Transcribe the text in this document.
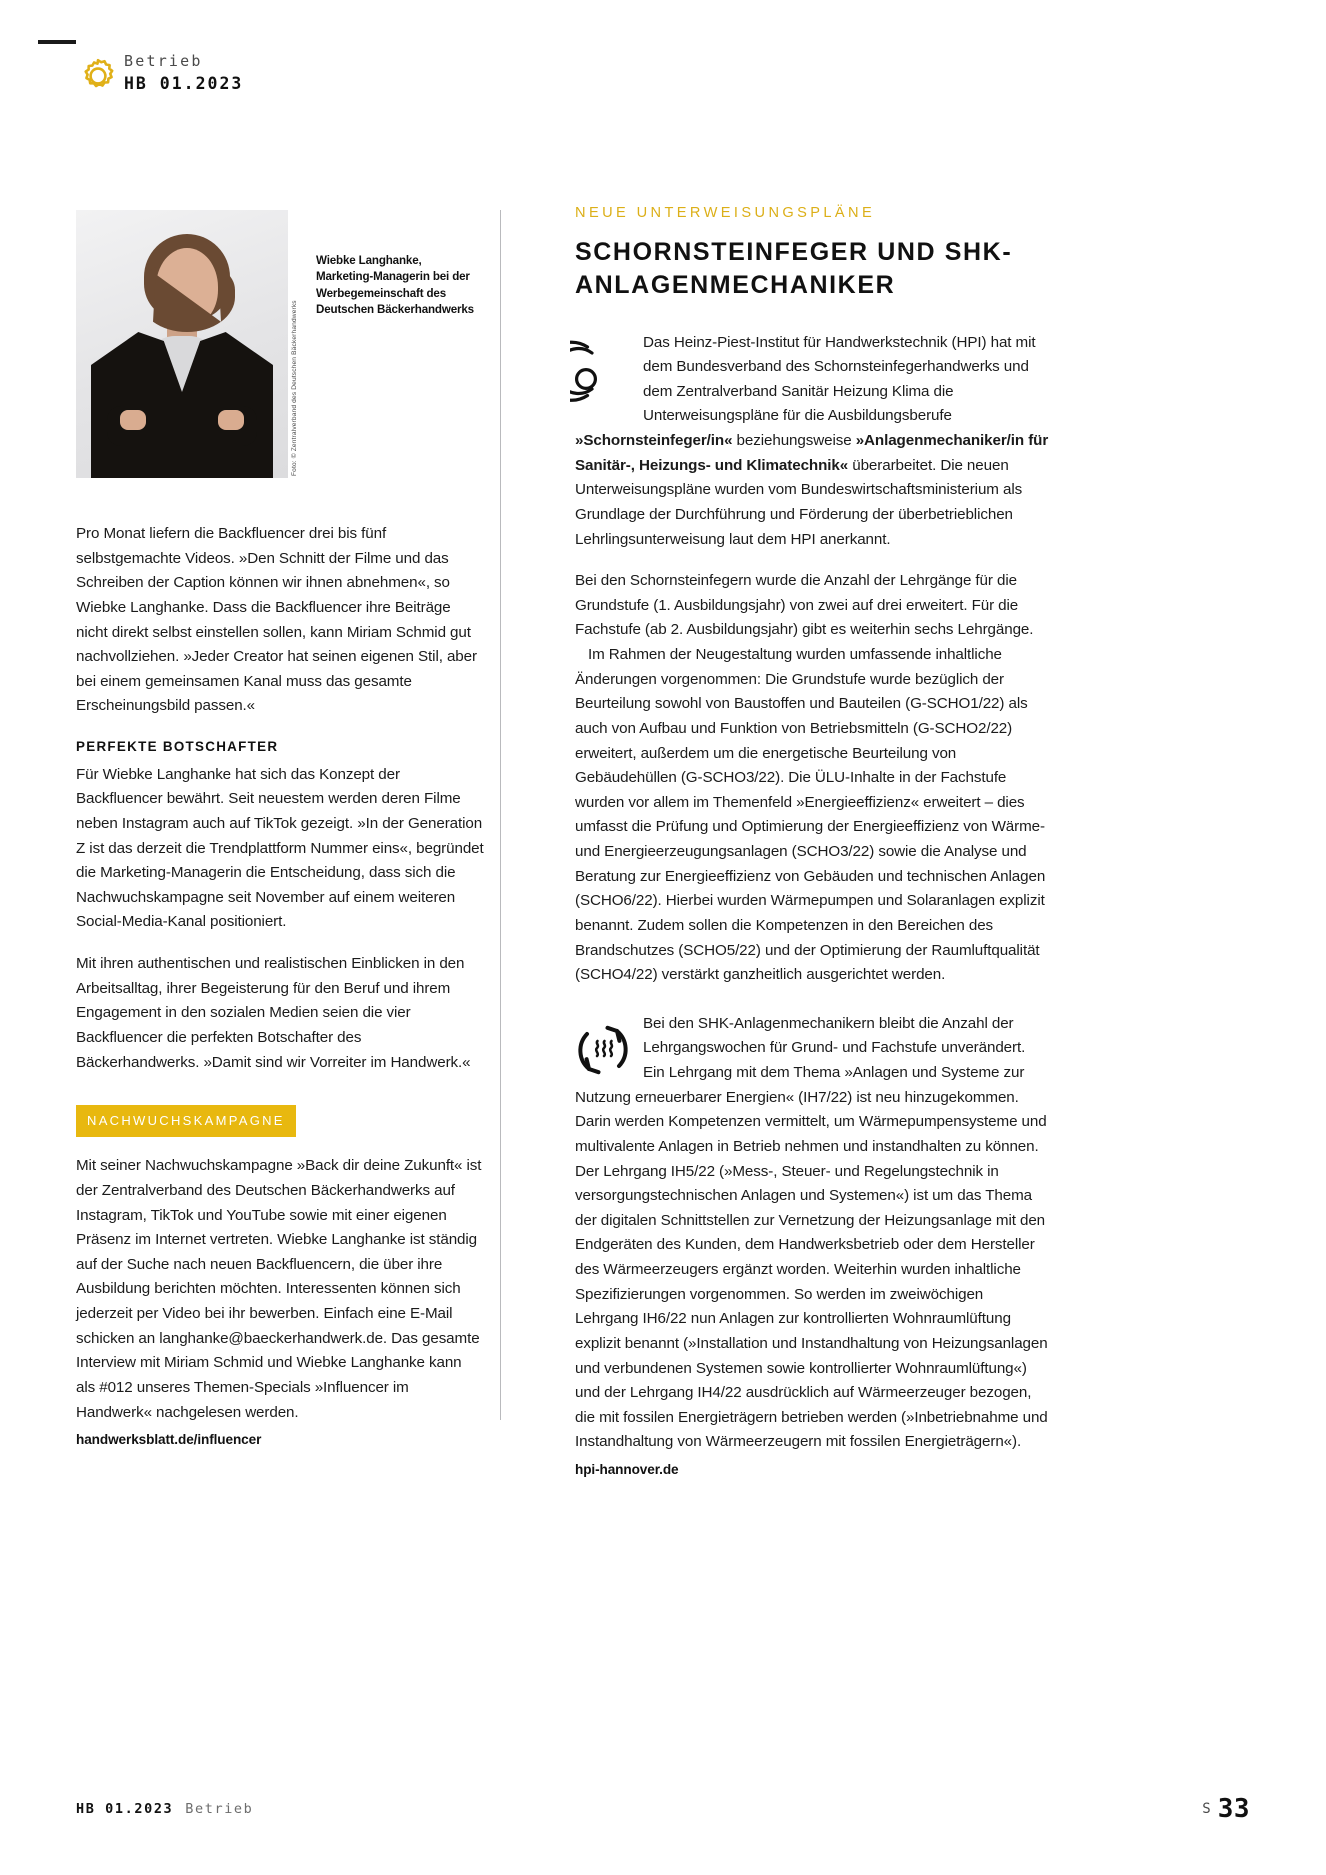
Betrieb
HB 01.2023
Foto: © Zentralverband des Deutschen Bäckerhandwerks
Wiebke Langhanke, Marketing-Managerin bei der Werbegemeinschaft des Deutschen Bäckerhandwerks

Pro Monat liefern die Backfluencer drei bis fünf selbstgemachte Videos. »Den Schnitt der Filme und das Schreiben der Caption können wir ihnen abnehmen«, so Wiebke Langhanke. Dass die Backfluencer ihre Beiträge nicht direkt selbst einstellen sollen, kann Miriam Schmid gut nachvollziehen. »Jeder Creator hat seinen eigenen Stil, aber bei einem gemeinsamen Kanal muss das gesamte Erscheinungsbild passen.«

PERFEKTE BOTSCHAFTER

Für Wiebke Langhanke hat sich das Konzept der Backfluencer bewährt. Seit neuestem werden deren Filme neben Instagram auch auf TikTok gezeigt. »In der Generation Z ist das derzeit die Trendplattform Nummer eins«, begründet die Marketing-Managerin die Entscheidung, dass sich die Nachwuchskampagne seit November auf einem weiteren Social-Media-Kanal positioniert.

Mit ihren authentischen und realistischen Einblicken in den Arbeitsalltag, ihrer Begeisterung für den Beruf und ihrem Engagement in den sozialen Medien seien die vier Backfluencer die perfekten Botschafter des Bäckerhandwerks. »Damit sind wir Vorreiter im Handwerk.«

NACHWUCHSKAMPAGNE

Mit seiner Nachwuchskampagne »Back dir deine Zukunft« ist der Zentralverband des Deutschen Bäckerhandwerks auf Instagram, TikTok und YouTube sowie mit einer eigenen Präsenz im Internet vertreten. Wiebke Langhanke ist ständig auf der Suche nach neuen Backfluencern, die über ihre Ausbildung berichten möchten. Interessenten können sich jederzeit per Video bei ihr bewerben. Einfach eine E-Mail schicken an langhanke@baeckerhandwerk.de. Das gesamte Interview mit Miriam Schmid und Wiebke Langhanke kann als #012 unseres Themen-Specials »Influencer im Handwerk« nachgelesen werden.

handwerksblatt.de/influencer
NEUE UNTERWEISUNGSPLÄNE
SCHORNSTEINFEGER UND SHK-ANLAGENMECHANIKER

Das Heinz-Piest-Institut für Handwerkstechnik (HPI) hat mit dem Bundesverband des Schornsteinfegerhandwerks und dem Zentralverband Sanitär Heizung Klima die Unterweisungspläne für die Ausbildungsberufe »Schornsteinfeger/in« beziehungsweise »Anlagenmechaniker/in für Sanitär-, Heizungs- und Klimatechnik« überarbeitet. Die neuen Unterweisungspläne wurden vom Bundeswirtschaftsministerium als Grundlage der Durchführung und Förderung der überbetrieblichen Lehrlingsunterweisung laut dem HPI anerkannt.

Bei den Schornsteinfegern wurde die Anzahl der Lehrgänge für die Grundstufe (1. Ausbildungsjahr) von zwei auf drei erweitert. Für die Fachstufe (ab 2. Ausbildungsjahr) gibt es weiterhin sechs Lehrgänge.

Im Rahmen der Neugestaltung wurden umfassende inhaltliche Änderungen vorgenommen: Die Grundstufe wurde bezüglich der Beurteilung sowohl von Baustoffen und Bauteilen (G-SCHO1/22) als auch von Aufbau und Funktion von Betriebsmitteln (G-SCHO2/22) erweitert, außerdem um die energetische Beurteilung von Gebäudehüllen (G-SCHO3/22). Die ÜLU-Inhalte in der Fachstufe wurden vor allem im Themenfeld »Energieeffizienz« erweitert – dies umfasst die Prüfung und Optimierung der Energieeffizienz von Wärme- und Energieerzeugungsanlagen (SCHO3/22) sowie die Analyse und Beratung zur Energieeffizienz von Gebäuden und technischen Anlagen (SCHO6/22). Hierbei wurden Wärmepumpen und Solaranlagen explizit benannt. Zudem sollen die Kompetenzen in den Bereichen des Brandschutzes (SCHO5/22) und der Optimierung der Raumluftqualität (SCHO4/22) verstärkt ganzheitlich ausgerichtet werden.

Bei den SHK-Anlagenmechanikern bleibt die Anzahl der Lehrgangswochen für Grund- und Fachstufe unverändert. Ein Lehrgang mit dem Thema »Anlagen und Systeme zur Nutzung erneuerbarer Energien« (IH7/22) ist neu hinzugekommen. Darin werden Kompetenzen vermittelt, um Wärmepumpensysteme und multivalente Anlagen in Betrieb nehmen und instandhalten zu können. Der Lehrgang IH5/22 (»Mess-, Steuer- und Regelungstechnik in versorgungstechnischen Anlagen und Systemen«) ist um das Thema der digitalen Schnittstellen zur Vernetzung der Heizungsanlage mit den Endgeräten des Kunden, dem Handwerksbetrieb oder dem Hersteller des Wärmeerzeugers ergänzt worden. Weiterhin wurden inhaltliche Spezifizierungen vorgenommen. So werden im zweiwöchigen Lehrgang IH6/22 nun Anlagen zur kontrollierten Wohnraumlüftung explizit benannt (»Installation und Instandhaltung von Heizungsanlagen und verbundenen Systemen sowie kontrollierter Wohnraumlüftung«) und der Lehrgang IH4/22 ausdrücklich auf Wärmeerzeuger bezogen, die mit fossilen Energieträgern betrieben werden (»Inbetriebnahme und Instandhaltung von Wärmeerzeugern mit fossilen Energieträgern«).

hpi-hannover.de
HB 01.2023 Betrieb	S 33
